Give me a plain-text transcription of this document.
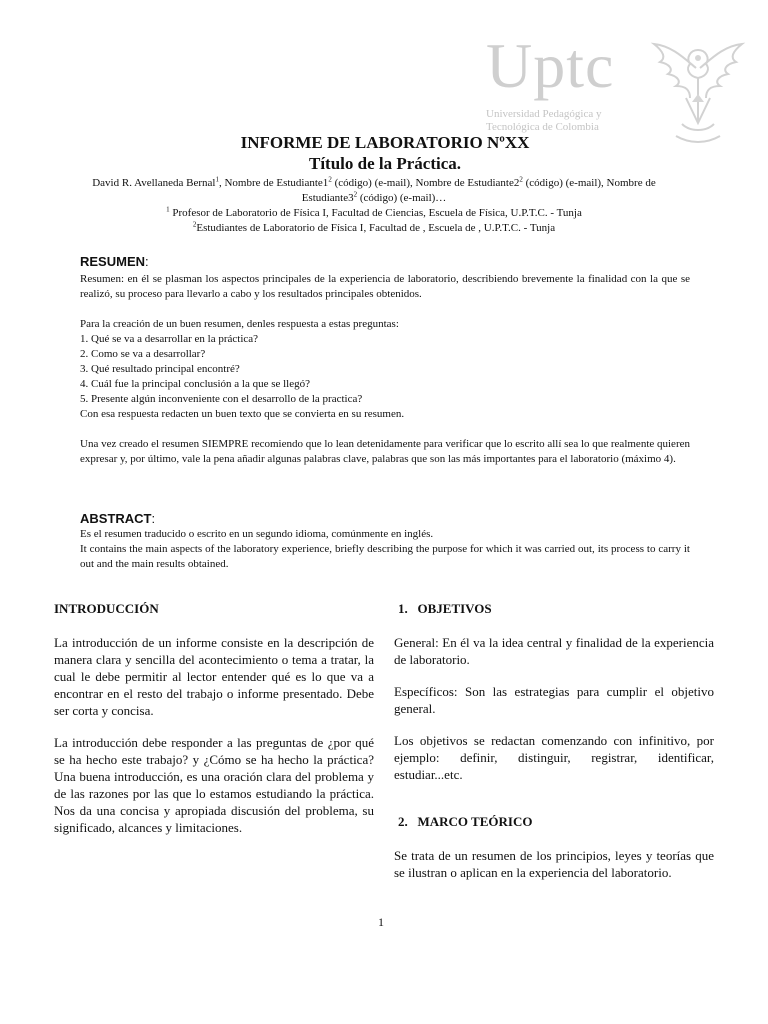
Uptc
Universidad Pedagógica y
Tecnológica de Colombia
INFORME DE LABORATORIO NºXX
Título de la Práctica.
David R. Avellaneda Bernal$^1$, Nombre de $Estudiante1^2$ (código) (e-mail), Nombre de $Estudiante2^2$ (código) (e-mail), Nombre de
$Estudiante3^2$ (código) (e-mail)…
$^1$ Profesor de Laboratorio de Física I, Facultad de Ciencias, Escuela de Física, U.P.T.C. - Tunja
$^2$Estudiantes de Laboratorio de Física I, Facultad de , Escuela de , U.P.T.C. - Tunja
RESUMEN:

Resumen: en él se plasman los aspectos principales de la experiencia de laboratorio, describiendo brevemente la finalidad con la que se realizó, su proceso para llevarlo a cabo y los resultados principales obtenidos.

Para la creación de un buen resumen, denles respuesta a estas preguntas:

1. Qué se va a desarrollar en la práctica?

2. Como se va a desarrollar?

3. Qué resultado principal encontré?

4. Cuál fue la principal conclusión a la que se llegó?

5. Presente algún inconveniente con el desarrollo de la practica?

Con esa respuesta redacten un buen texto que se convierta en su resumen.

Una vez creado el resumen SIEMPRE recomiendo que lo lean detenidamente para verificar que lo escrito allí sea lo que realmente quieren expresar y, por último, vale la pena añadir algunas palabras clave, palabras que son las más importantes para el laboratorio (máximo 4).

ABSTRACT:

Es el resumen traducido o escrito en un segundo idioma, comúnmente en inglés.

It contains the main aspects of the laboratory experience, briefly describing the purpose for which it was carried out, its process to carry it out and the main results obtained.

INTRODUCCIÓN

La introducción de un informe consiste en la descripción de manera clara y sencilla del acontecimiento o tema a tratar, la cual le debe permitir al lector entender qué es lo que va a encontrar en el resto del trabajo o informe presentado. Debe ser corta y concisa.

La introducción debe responder a las preguntas de ¿por qué se ha hecho este trabajo? y ¿Cómo se ha hecho la práctica? Una buena introducción, es una oración clara del problema y de las razones por las que lo estamos estudiando la práctica. Nos da una concisa y apropiada discusión del problema, su significado, alcances y limitaciones.

1.   OBJETIVOS

General: En él va la idea central y finalidad de la experiencia de laboratorio.

Específicos: Son las estrategias para cumplir el objetivo general.

Los objetivos se redactan comenzando con infinitivo, por ejemplo: definir, distinguir, registrar, identificar, estudiar...etc.

2.   MARCO TEÓRICO

Se trata de un resumen de los principios, leyes y teorías que se ilustran o aplican en la experiencia del laboratorio.

1
